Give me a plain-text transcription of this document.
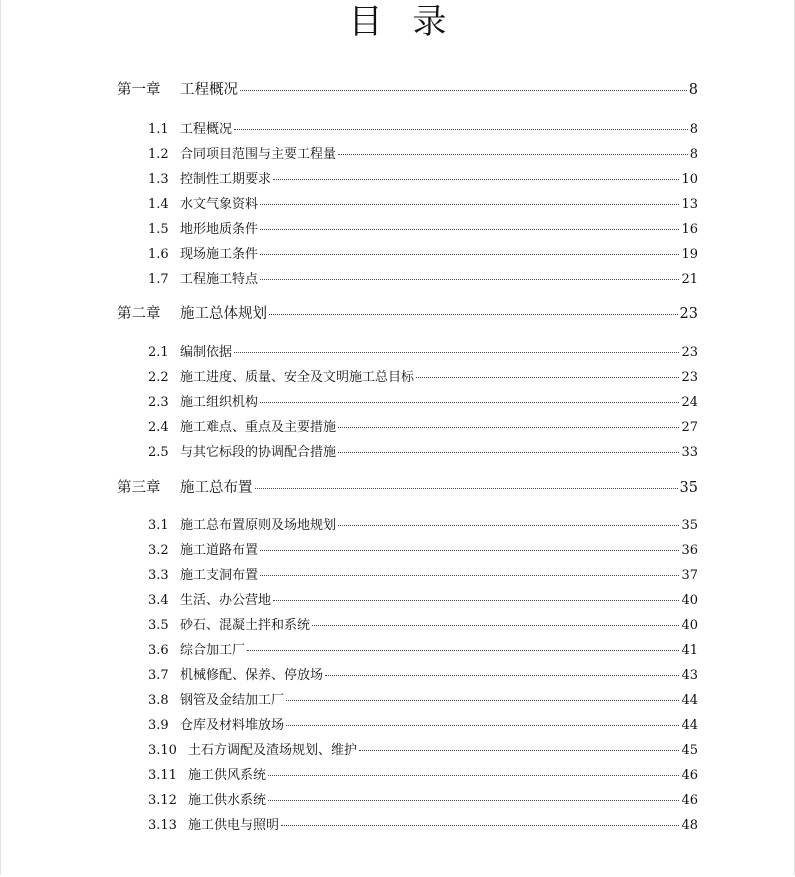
目录
第一章	工程概况	8
1.1 工程概况	8
1.2 合同项目范围与主要工程量	8
1.3 控制性工期要求	10
1.4 水文气象资料	13
1.5 地形地质条件	16
1.6 现场施工条件	19
1.7 工程施工特点	21
第二章	施工总体规划	23
2.1 编制依据	23
2.2 施工进度、质量、安全及文明施工总目标	23
2.3 施工组织机构	24
2.4 施工难点、重点及主要措施	27
2.5 与其它标段的协调配合措施	33
第三章	施工总布置	35
3.1 施工总布置原则及场地规划	35
3.2 施工道路布置	36
3.3 施工支洞布置	37
3.4 生活、办公营地	40
3.5 砂石、混凝土拌和系统	40
3.6 综合加工厂	41
3.7 机械修配、保养、停放场	43
3.8 钢管及金结加工厂	44
3.9 仓库及材料堆放场	44
3.10 土石方调配及渣场规划、维护	45
3.11 施工供风系统	46
3.12 施工供水系统	46
3.13 施工供电与照明	48
